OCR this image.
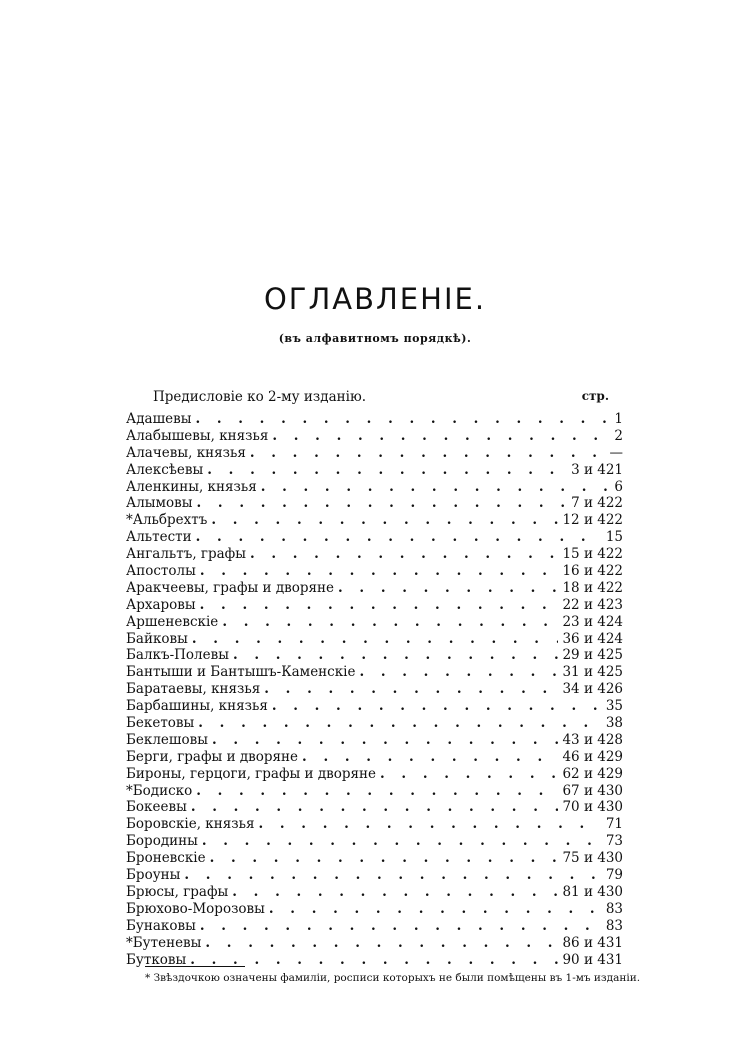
ОГЛАВЛЕНІЕ.
(въ алфавитномъ порядкѣ).
Предисловіе ко 2-му изданію.	стр.
Адашевы . . .	1
Алабышевы, князья . . .	2
Алачевы, князья . . .	—
Алексѣевы . . .	3 и 421
Аленкины, князья . . .	6
Алымовы . . .	7 и 422
*Альбрехтъ . . .	12 и 422
Альтести . . .	15
Ангальтъ, графы . . .	15 и 422
Апостолы . . .	16 и 422
Аракчеевы, графы и дворяне . . .	18 и 422
Архаровы . . .	22 и 423
Аршеневскіе . . .	23 и 424
Байковы . . .	36 и 424
Балкъ-Полевы . . .	29 и 425
Бантыши и Бантышъ-Каменскіе . . .	31 и 425
Баратаевы, князья . . .	34 и 426
Барбашины, князья . . .	35
Бекетовы . . .	38
Беклешовы . . .	43 и 428
Берги, графы и дворяне . . .	46 и 429
Бироны, герцоги, графы и дворяне . . .	62 и 429
*Бодиско . . .	67 и 430
Бокеевы . . .	70 и 430
Боровскіе, князья . . .	71
Бородины . . .	73
Броневскіе . . .	75 и 430
Броуны . . .	79
Брюсы, графы . . .	81 и 430
Брюхово-Морозовы . . .	83
Бунаковы . . .	83
*Бутеневы . . .	86 и 431
Бутковы . . .	90 и 431
* Звѣздочкою означены фамиліи, росписи которыхъ не были помѣщены въ 1-мъ изданіи.
